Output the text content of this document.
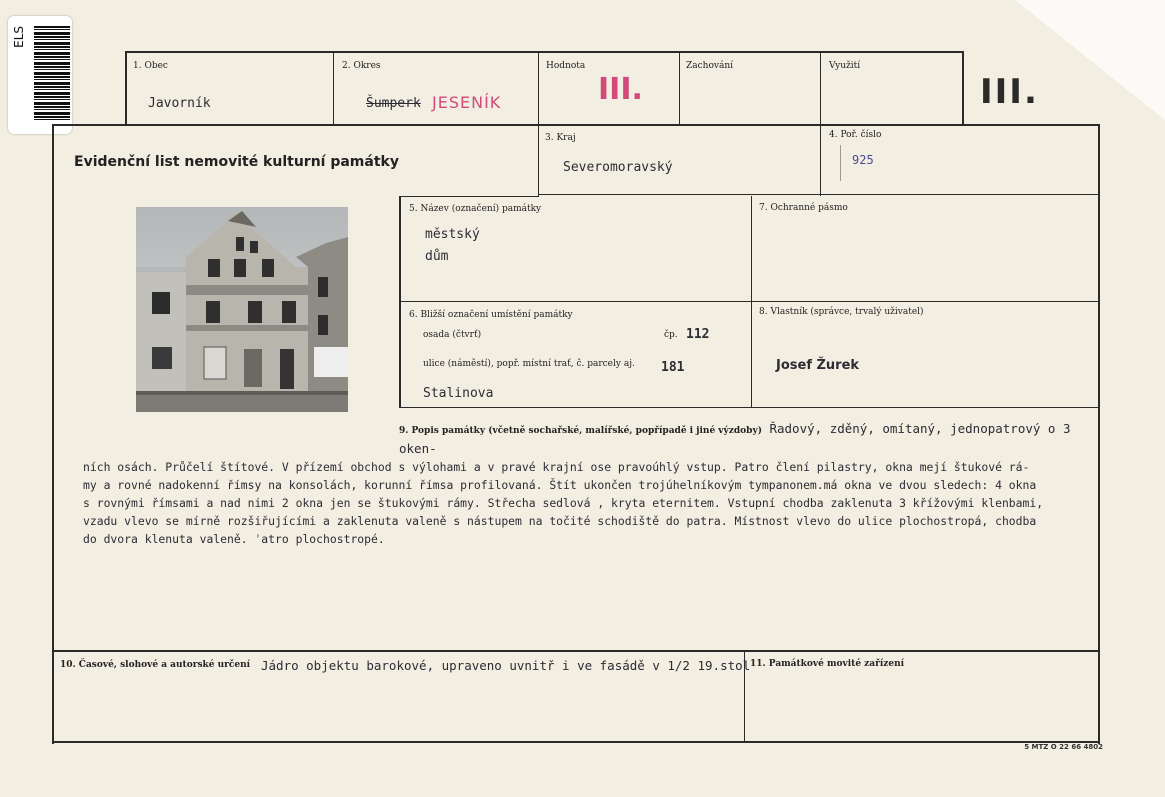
ELS
1. Obec
Javorník
2. Okres
Šumperk JESENÍK
Hodnota
III.
Zachování	Využití
III.
Evidenční list nemovité kulturní památky
3. Kraj
Severomoravský
4. Poř. číslo
925
5. Název (označení) památky
městský
dům
7. Ochranné pásmo
6. Bližší označení umístění památky
osada (čtvrť)	čp. 112
ulice (náměstí), popř. místní trať, č. parcely aj. 181
Stalinova
8. Vlastník (správce, trvalý uživatel)
Josef Žurek
9. Popis památky (včetně sochařské, malířské, popřípadě i jiné výzdoby) Řadový, zděný, omítaný, jednopatrový o 3 oken-
ních osách. Průčelí štítové. V přízemí obchod s výlohami a v pravé krajní ose pravoúhlý vstup. Patro člení pilastry, okna mejí štukové rá-
my a rovné nadokenní římsy na konsolách, korunní římsa profilovaná. Štít ukončen trojúhelníkovým tympanonem.má okna ve dvou sledech: 4 okna
s rovnými římsami a nad nimi 2 okna jen se štukovými rámy. Střecha sedlová , kryta eternitem. Vstupní chodba zaklenuta 3 křížovými klenbami,
vzadu vlevo se mírně rozšiřujícími a zaklenuta valeně s nástupem na točité schodiště do patra. Místnost vlevo do ulice plochostropá, chodba
do dvora klenuta valeně. ˈatro plochostropé.
10. Časové, slohové a autorské určení Jádro objektu barokové, upraveno uvnitř i ve fasádě v 1/2 19.stol 11. Památkové movité zařízení
5 MTZ O 22 66 4802
